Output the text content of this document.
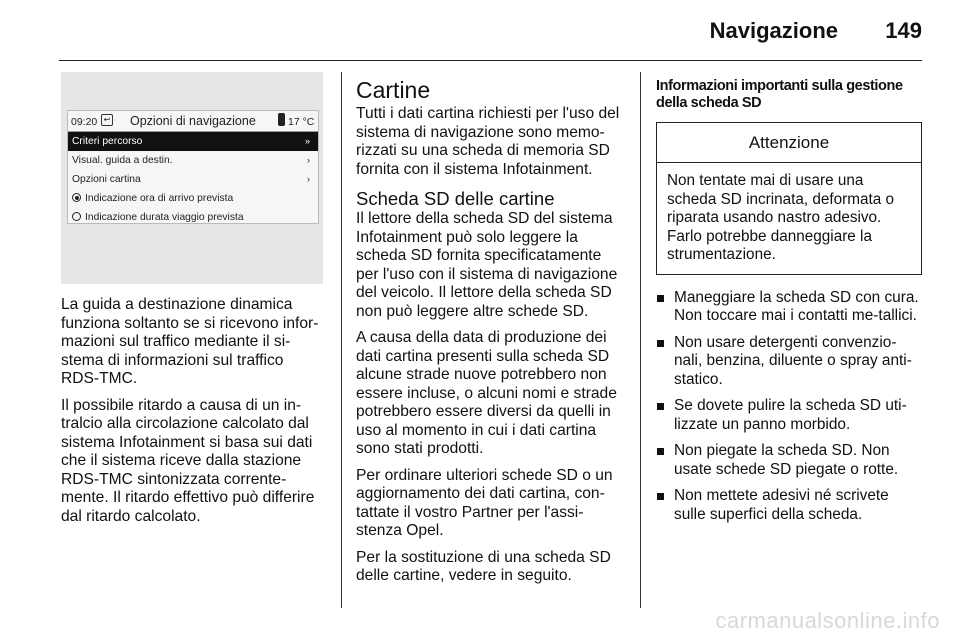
Navigazione 149
09:20 ↩ Opzioni di navigazione	17 °C
Criteri percorso	»
Visual. guida a destin.	›
Opzioni cartina	›
Indicazione ora di arrivo prevista
Indicazione durata viaggio prevista

La guida a destinazione dinamica funziona soltanto se si ricevono infor-mazioni sul traffico mediante il si-stema di informazioni sul traffico RDS-TMC.

Il possibile ritardo a causa di un in-tralcio alla circolazione calcolato dal sistema Infotainment si basa sui dati che il sistema riceve dalla stazione RDS-TMC sintonizzata corrente-mente. Il ritardo effettivo può differire dal ritardo calcolato.

Cartine

Tutti i dati cartina richiesti per l'uso del sistema di navigazione sono memo-rizzati su una scheda di memoria SD fornita con il sistema Infotainment.

Scheda SD delle cartine

Il lettore della scheda SD del sistema Infotainment può solo leggere la scheda SD fornita specificatamente per l'uso con il sistema di navigazione del veicolo. Il lettore della scheda SD non può leggere altre schede SD.

A causa della data di produzione dei dati cartina presenti sulla scheda SD alcune strade nuove potrebbero non essere incluse, o alcuni nomi e strade potrebbero essere diversi da quelli in uso al momento in cui i dati cartina sono stati prodotti.

Per ordinare ulteriori schede SD o un aggiornamento dei dati cartina, con-tattate il vostro Partner per l'assi-stenza Opel.

Per la sostituzione di una scheda SD delle cartine, vedere in seguito.

Informazioni importanti sulla gestione della scheda SD
Attenzione
Non tentate mai di usare una scheda SD incrinata, deformata o riparata usando nastro adesivo. Farlo potrebbe danneggiare la strumentazione.
Maneggiare la scheda SD con cura. Non toccare mai i contatti me-tallici.
Non usare detergenti convenzio-nali, benzina, diluente o spray anti-statico.
Se dovete pulire la scheda SD uti-lizzate un panno morbido.
Non piegate la scheda SD. Non usate schede SD piegate o rotte.
Non mettete adesivi né scrivete sulle superfici della scheda.
carmanualsonline.info
